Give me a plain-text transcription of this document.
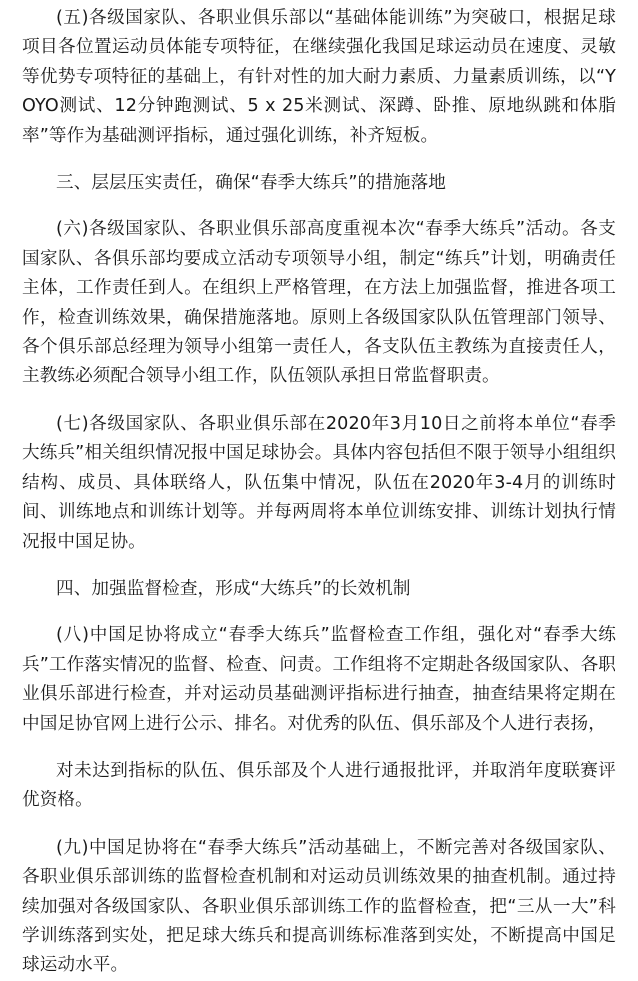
(五)各级国家队、各职业俱乐部以“基础体能训练”为突破口，根据足球项目各位置运动员体能专项特征，在继续强化我国足球运动员在速度、灵敏等优势专项特征的基础上，有针对性的加大耐力素质、力量素质训练，以“YOYO测试、12分钟跑测试、5 x 25米测试、深蹲、卧推、原地纵跳和体脂率”等作为基础测评指标，通过强化训练，补齐短板。

三、层层压实责任，确保“春季大练兵”的措施落地

(六)各级国家队、各职业俱乐部高度重视本次“春季大练兵”活动。各支国家队、各俱乐部均要成立活动专项领导小组，制定“练兵”计划，明确责任主体，工作责任到人。在组织上严格管理，在方法上加强监督，推进各项工作，检查训练效果，确保措施落地。原则上各级国家队队伍管理部门领导、各个俱乐部总经理为领导小组第一责任人，各支队伍主教练为直接责任人，主教练必须配合领导小组工作，队伍领队承担日常监督职责。

(七)各级国家队、各职业俱乐部在2020年3月10日之前将本单位“春季大练兵”相关组织情况报中国足球协会。具体内容包括但不限于领导小组组织结构、成员、具体联络人，队伍集中情况，队伍在2020年3-4月的训练时间、训练地点和训练计划等。并每两周将本单位训练安排、训练计划执行情况报中国足协。

四、加强监督检查，形成“大练兵”的长效机制

(八)中国足协将成立“春季大练兵”监督检查工作组，强化对“春季大练兵”工作落实情况的监督、检查、问责。工作组将不定期赴各级国家队、各职业俱乐部进行检查，并对运动员基础测评指标进行抽查，抽查结果将定期在中国足协官网上进行公示、排名。对优秀的队伍、俱乐部及个人进行表扬，

对未达到指标的队伍、俱乐部及个人进行通报批评，并取消年度联赛评优资格。

(九)中国足协将在“春季大练兵”活动基础上，不断完善对各级国家队、各职业俱乐部训练的监督检查机制和对运动员训练效果的抽查机制。通过持续加强对各级国家队、各职业俱乐部训练工作的监督检查，把“三从一大”科学训练落到实处，把足球大练兵和提高训练标准落到实处，不断提高中国足球运动水平。
